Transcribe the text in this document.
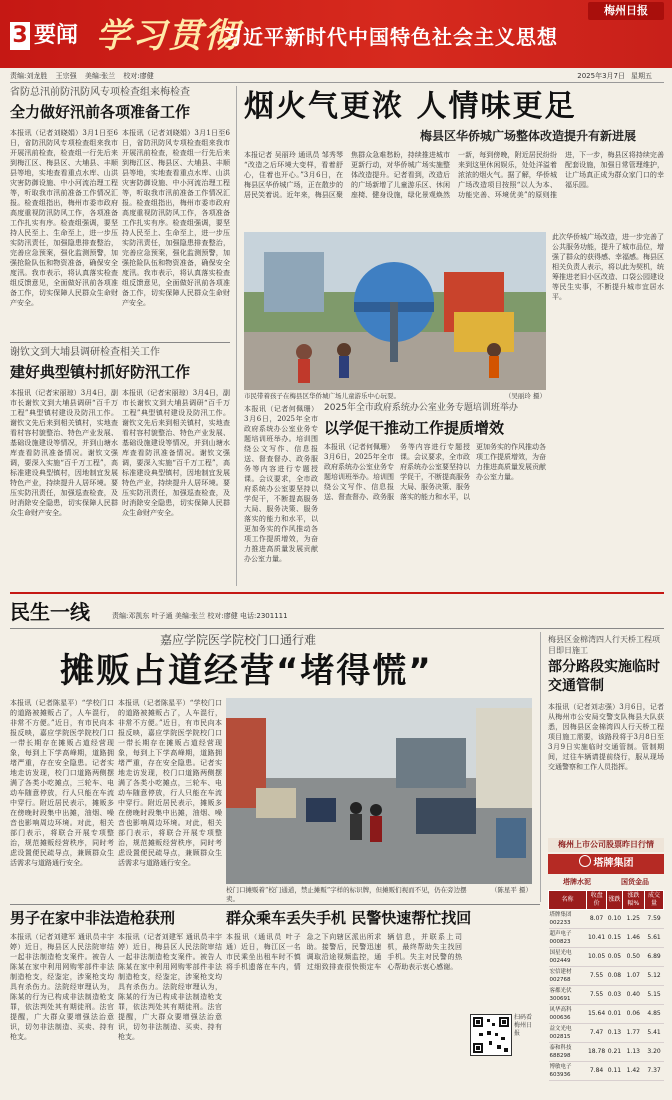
3 要闻 学习贯彻
习近平新时代中国特色社会主义思想
梅州日报
责编:刘龙胜 王宗强 美编:张兰 校对:廖健	2025年3月7日 星期五
省防总汛前防汛防风专项检查组来梅检查
全力做好汛前各项准备工作
本报讯（记者刘晓娟）3月1日至6日，省防汛防风专项检查组来我市开展汛前检查，检查组一行先后来到梅江区、梅县区、大埔县、丰顺县等地，实地查看重点水库、山洪灾害防御设施、中小河流治理工程等，听取我市汛前准备工作情况汇报。检查组指出，梅州市委市政府高度重视防汛防风工作，各项准备工作扎实有序。检查组强调，要坚持人民至上、生命至上，进一步压实防汛责任，加强隐患排查整治，完善应急预案，强化监测预警，加强抢险队伍和物资准备，确保安全度汛。我市表示，将认真落实检查组反馈意见，全面做好汛前各项准备工作，切实保障人民群众生命财产安全。
本报讯（记者刘晓娟）3月1日至6日，省防汛防风专项检查组来我市开展汛前检查，检查组一行先后来到梅江区、梅县区、大埔县、丰顺县等地，实地查看重点水库、山洪灾害防御设施、中小河流治理工程等，听取我市汛前准备工作情况汇报。检查组指出，梅州市委市政府高度重视防汛防风工作，各项准备工作扎实有序。检查组强调，要坚持人民至上、生命至上，进一步压实防汛责任，加强隐患排查整治，完善应急预案，强化监测预警，加强抢险队伍和物资准备，确保安全度汛。我市表示，将认真落实检查组反馈意见，全面做好汛前各项准备工作，切实保障人民群众生命财产安全。
谢钦文到大埔县调研检查相关工作
建好典型镇村抓好防汛工作
本报讯（记者宋丽琼）3月4日，副市长谢钦文到大埔县调研“百千万工程”典型镇村建设及防汛工作。谢钦文先后来到相关镇村，实地查看村容村貌整治、特色产业发展、基础设施建设等情况，并到山塘水库查看防汛准备情况。谢钦文强调，要深入实施“百千万工程”，高标准建设典型镇村，因地制宜发展特色产业，持续提升人居环境。要压实防汛责任，加强巡查检查，及时消除安全隐患，切实保障人民群众生命财产安全。
本报讯（记者宋丽琼）3月4日，副市长谢钦文到大埔县调研“百千万工程”典型镇村建设及防汛工作。谢钦文先后来到相关镇村，实地查看村容村貌整治、特色产业发展、基础设施建设等情况，并到山塘水库查看防汛准备情况。谢钦文强调，要深入实施“百千万工程”，高标准建设典型镇村，因地制宜发展特色产业，持续提升人居环境。要压实防汛责任，加强巡查检查，及时消除安全隐患，切实保障人民群众生命财产安全。
烟火气更浓 人情味更足
梅县区华侨城广场整体改造提升有新进展
本报记者 吴丽玲 通讯员 邹秀琴 “改造之后环境大变样，看着舒心，住着也开心。”3月6日，在梅县区华侨城广场，正在散步的居民笑着说。近年来，梅县区聚焦群众急难愁盼，持续推进城市更新行动，对华侨城广场实施整体改造提升。记者看到，改造后的广场新增了儿童游乐区、休闲座椅、健身设施，绿化景观焕然一新，每到傍晚，附近居民纷纷来到这里休闲娱乐，处处洋溢着浓浓的烟火气。据了解，华侨城广场改造项目按照“以人为本、功能完善、环境优美”的原则推进，下一步，梅县区将持续完善配套设施，加强日常管理维护，让广场真正成为群众家门口的幸福乐园。
市民带着孩子在梅县区华侨城广场儿童游乐中心玩耍。	（吴丽玲 摄）
此次华侨城广场改造，进一步完善了公共服务功能，提升了城市品位，增强了群众的获得感、幸福感。梅县区相关负责人表示，将以此为契机，统筹推进老旧小区改造、口袋公园建设等民生实事，不断提升城市宜居水平。
本报讯（记者何佩珊）3月6日，2025年全市政府系统办公室业务专题培训班举办。培训围绕公文写作、信息报送、督查督办、政务服务等内容进行专题授课。会议要求，全市政府系统办公室要坚持以学促干，不断提高服务大局、服务决策、服务落实的能力和水平，以更加务实的作风推动各项工作提质增效，为奋力推进高质量发展贡献办公室力量。
2025年全市政府系统办公室业务专题培训班举办
以学促干推动工作提质增效
本报讯（记者何佩珊）3月6日，2025年全市政府系统办公室业务专题培训班举办。培训围绕公文写作、信息报送、督查督办、政务服务等内容进行专题授课。会议要求，全市政府系统办公室要坚持以学促干，不断提高服务大局、服务决策、服务落实的能力和水平，以更加务实的作风推动各项工作提质增效，为奋力推进高质量发展贡献办公室力量。
民生一线	责编:邓凯东 叶子通 美编:张兰 校对:廖健 电话:2301111
嘉应学院医学院校门口通行难
摊贩占道经营“堵得慌”
本报讯（记者陈星平）“学校门口的道路被摊贩占了，人车混行，非常不方便。”近日，有市民向本报反映，嘉应学院医学院校门口一带长期存在摊贩占道经营现象，每到上下学高峰期，道路拥堵严重，存在安全隐患。记者实地走访发现，校门口道路两侧摆满了各类小吃摊点，三轮车、电动车随意停放，行人只能在车流中穿行。附近居民表示，摊贩多在傍晚时段集中出摊，油烟、噪音也影响周边环境。对此，相关部门表示，将联合开展专项整治，规范摊贩经营秩序，同时考虑设置便民疏导点，兼顾群众生活需求与道路通行安全。
本报讯（记者陈星平）“学校门口的道路被摊贩占了，人车混行，非常不方便。”近日，有市民向本报反映，嘉应学院医学院校门口一带长期存在摊贩占道经营现象，每到上下学高峰期，道路拥堵严重，存在安全隐患。记者实地走访发现，校门口道路两侧摆满了各类小吃摊点，三轮车、电动车随意停放，行人只能在车流中穿行。附近居民表示，摊贩多在傍晚时段集中出摊，油烟、噪音也影响周边环境。对此，相关部门表示，将联合开展专项整治，规范摊贩经营秩序，同时考虑设置便民疏导点，兼顾群众生活需求与道路通行安全。
校门口摊贩着“校门通道，禁止摊贩”字样的标识牌，但摊贩们视而不见，仍在旁边摆卖。
（陈星平 摄）
梅县区金棉湾四人行天桥工程项目即日施工
部分路段实施临时交通管制
本报讯（记者刘志强）3月6日，记者从梅州市公安局交警支队梅县大队获悉，因梅县区金棉湾四人行天桥工程项目施工需要，该路段将于3月8日至3月9日实施临时交通管制。管制期间，过往车辆请提前绕行，服从现场交通警察和工作人员指挥。
梅州上市公司股票昨日行情
塔牌集团
塔牌水泥	国货金品
名称	收盘价	涨跌	涨跌幅%	成交量
塔牌集团 002233	8.07	0.10	1.25	7.59
超声电子 000823	10.41	0.15	1.46	5.61
国星光电 002449	10.05	0.05	0.50	6.89
宏信建材 002768	7.55	0.08	1.07	5.12
客都光伏 300691	7.55	0.03	0.40	5.15
风华高科 000636	15.64	0.01	0.06	4.85
益文光电 002815	7.47	0.13	1.77	5.41
泰和科技 688298	18.78	0.21	1.13	3.20
博敏电子 603936	7.84	0.11	1.42	7.37
男子在家中非法造枪获刑
本报讯（记者刘建军 通讯员丰宇婷）近日，梅县区人民法院审结一起非法制造枪支案件。被告人陈某在家中利用网购零部件非法制造枪支，经鉴定，涉案枪支均具有杀伤力。法院经审理认为，陈某的行为已构成非法制造枪支罪，依法判处其有期徒刑。法官提醒，广大群众要增强法治意识，切勿非法制造、买卖、持有枪支。
本报讯（记者刘建军 通讯员丰宇婷）近日，梅县区人民法院审结一起非法制造枪支案件。被告人陈某在家中利用网购零部件非法制造枪支，经鉴定，涉案枪支均具有杀伤力。法院经审理认为，陈某的行为已构成非法制造枪支罪，依法判处其有期徒刑。法官提醒，广大群众要增强法治意识，切勿非法制造、买卖、持有枪支。
群众乘车丢失手机 民警快速帮忙找回
本报讯（通讯员 叶子通）近日，梅江区一名市民乘坐出租车时不慎将手机遗落在车内，情急之下向辖区派出所求助。接警后，民警迅速调取沿途视频监控，通过细致排查很快锁定车辆信息，并联系上司机，最终帮助失主找回手机。失主对民警的热心帮助表示衷心感谢。
扫码看梅州日报
